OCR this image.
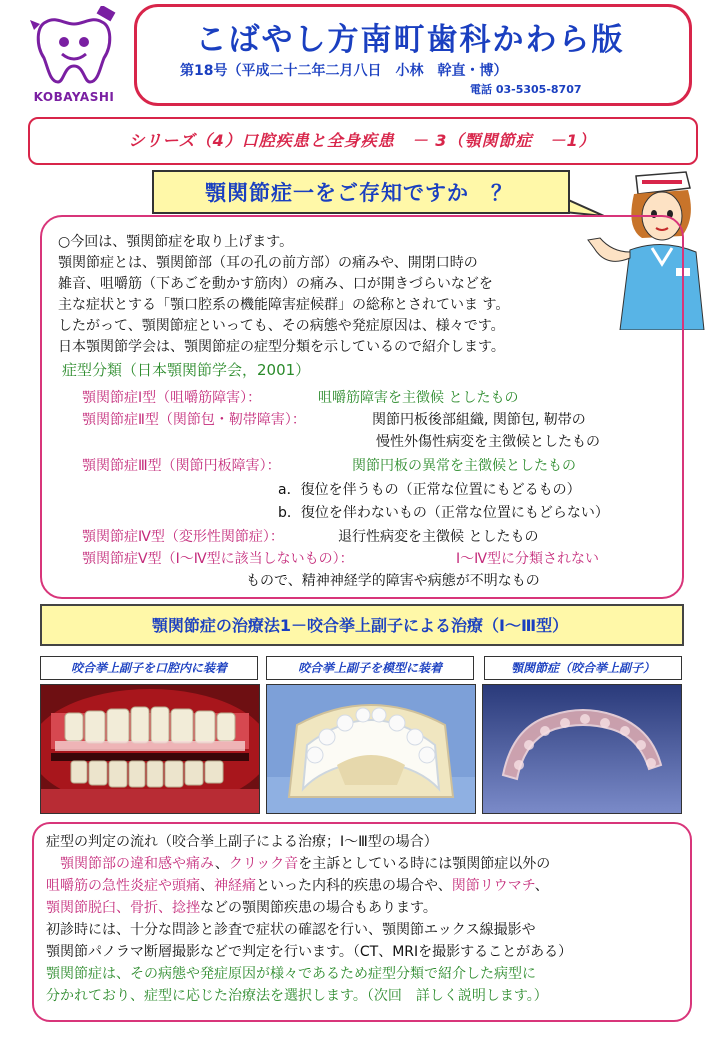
KOBAYASHI
こばやし方南町歯科かわら版
第18号（平成二十二年二月八日　小林　幹直・博）
電話 03-5305-8707
シリーズ（4）口腔疾患と全身疾患　－ 3（顎関節症　－1）
顎関節症一をご存知ですか　？
○今回は、顎関節症を取り上げます。
顎関節症とは、顎関節部（耳の孔の前方部）の痛みや、開閉口時の
雑音、咀嚼筋（下あごを動かす筋肉）の痛み、口が開きづらいなどを
主な症状とする「顎口腔系の機能障害症候群」の総称とされていま す。
したがって、顎関節症といっても、その病態や発症原因は、様々です。
日本顎関節学会は、顎関節症の症型分類を示しているので紹介します。
症型分類（日本顎関節学会，2001）
顎関節症Ⅰ型（咀嚼筋障害）：	咀嚼筋障害を主徴候 としたもの
顎関節症Ⅱ型（関節包・靭帯障害）：	関節円板後部組織, 関節包, 靭帯の
慢性外傷性病変を主徴候としたもの
顎関節症Ⅲ型（関節円板障害）：	関節円板の異常を主徴候としたもの
a．復位を伴うもの（正常な位置にもどるもの）
b．復位を伴わないもの（正常な位置にもどらない）
顎関節症Ⅳ型（変形性関節症）：	退行性病変を主徴候 としたもの
顎関節症Ⅴ型（Ⅰ～Ⅳ型に該当しないもの）：	Ⅰ～Ⅳ型に分類されない
もので、精神神経学的障害や病態が不明なもの
顎関節症の治療法1－咬合挙上副子による治療（Ⅰ～Ⅲ型）
咬合挙上副子を口腔内に装着	咬合挙上副子を模型に装着	顎関節症（咬合挙上副子）
症型の判定の流れ（咬合挙上副子による治療；Ⅰ～Ⅲ型の場合）
顎関節部の違和感や痛み、クリック音を主訴としている時には顎関節症以外の
咀嚼筋の急性炎症や頭痛、神経痛といった内科的疾患の場合や、関節リウマチ、
顎関節脱臼、骨折、捻挫などの顎関節疾患の場合もあります。
初診時には、十分な問診と診査で症状の確認を行い、顎関節エックス線撮影や
顎関節パノラマ断層撮影などで判定を行います。（CT、MRIを撮影することがある）
顎関節症は、その病態や発症原因が様々であるため症型分類で紹介した病型に
分かれており、症型に応じた治療法を選択します。（次回　詳しく説明します。）
